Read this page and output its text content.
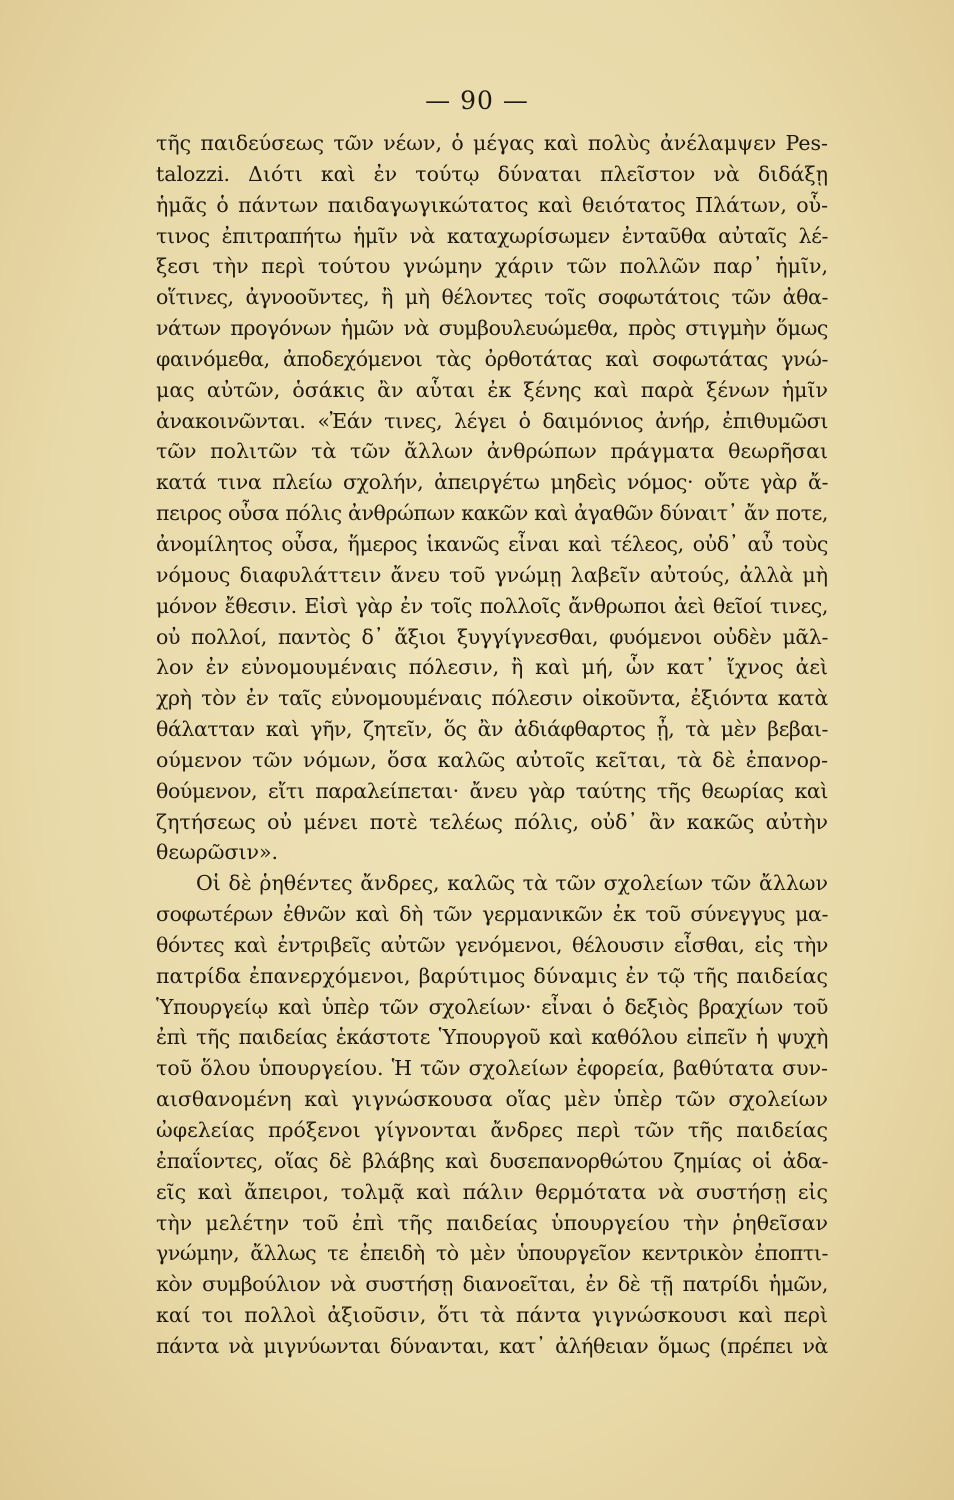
— 90 —
τῆς παιδεύσεως τῶν νέων, ὁ μέγας καὶ πολὺς ἀνέλαμψεν Pes-
talozzi. Διότι καὶ ἐν τούτῳ δύναται πλεῖστον νὰ διδάξῃ
ἡμᾶς ὁ πάντων παιδαγωγικώτατος καὶ θειότατος Πλάτων, οὗ-
τινος ἐπιτραπήτω ἡμῖν νὰ καταχωρίσωμεν ἐνταῦθα αὐταῖς λέ-
ξεσι τὴν περὶ τούτου γνώμην χάριν τῶν πολλῶν παρ᾿ ἡμῖν,
οἵτινες, ἀγνοοῦντες, ἢ μὴ θέλοντες τοῖς σοφωτάτοις τῶν ἀθα-
νάτων προγόνων ἡμῶν νὰ συμβουλευώμεθα, πρὸς στιγμὴν ὅμως
φαινόμεθα, ἀποδεχόμενοι τὰς ὀρθοτάτας καὶ σοφωτάτας γνώ-
μας αὐτῶν, ὁσάκις ἂν αὗται ἐκ ξένης καὶ παρὰ ξένων ἡμῖν
ἀνακοινῶνται. «Ἐάν τινες, λέγει ὁ δαιμόνιος ἀνήρ, ἐπιθυμῶσι
τῶν πολιτῶν τὰ τῶν ἄλλων ἀνθρώπων πράγματα θεωρῆσαι
κατά τινα πλείω σχολήν, ἀπειργέτω μηδεὶς νόμος· οὔτε γὰρ ἄ-
πειρος οὖσα πόλις ἀνθρώπων κακῶν καὶ ἀγαθῶν δύναιτ᾿ ἄν ποτε,
ἀνομίλητος οὖσα, ἥμερος ἱκανῶς εἶναι καὶ τέλεος, οὐδ᾿ αὖ τοὺς
νόμους διαφυλάττειν ἄνευ τοῦ γνώμῃ λαβεῖν αὐτούς, ἀλλὰ μὴ
μόνον ἔθεσιν. Εἰσὶ γὰρ ἐν τοῖς πολλοῖς ἄνθρωποι ἀεὶ θεῖοί τινες,
οὐ πολλοί, παντὸς δ᾿ ἄξιοι ξυγγίγνεσθαι, φυόμενοι οὐδὲν μᾶλ-
λον ἐν εὐνομουμέναις πόλεσιν, ἢ καὶ μή, ὧν κατ᾿ ἴχνος ἀεὶ
χρὴ τὸν ἐν ταῖς εὐνομουμέναις πόλεσιν οἰκοῦντα, ἐξιόντα κατὰ
θάλατταν καὶ γῆν, ζητεῖν, ὅς ἂν ἀδιάφθαρτος ᾖ, τὰ μὲν βεβαι-
ούμενον τῶν νόμων, ὅσα καλῶς αὐτοῖς κεῖται, τὰ δὲ ἐπανορ-
θούμενον, εἴτι παραλείπεται· ἄνευ γὰρ ταύτης τῆς θεωρίας καὶ
ζητήσεως οὐ μένει ποτὲ τελέως πόλις, οὐδ᾿ ἂν κακῶς αὐτὴν
θεωρῶσιν».
Οἱ δὲ ῥηθέντες ἄνδρες, καλῶς τὰ τῶν σχολείων τῶν ἄλλων
σοφωτέρων ἐθνῶν καὶ δὴ τῶν γερμανικῶν ἐκ τοῦ σύνεγγυς μα-
θόντες καὶ ἐντριβεῖς αὐτῶν γενόμενοι, θέλουσιν εἶσθαι, εἰς τὴν
πατρίδα ἐπανερχόμενοι, βαρύτιμος δύναμις ἐν τῷ τῆς παιδείας
Ὑπουργείῳ καὶ ὑπὲρ τῶν σχολείων· εἶναι ὁ δεξιὸς βραχίων τοῦ
ἐπὶ τῆς παιδείας ἑκάστοτε Ὑπουργοῦ καὶ καθόλου εἰπεῖν ἡ ψυχὴ
τοῦ ὅλου ὑπουργείου. Ἡ τῶν σχολείων ἐφορεία, βαθύτατα συν-
αισθανομένη καὶ γιγνώσκουσα οἵας μὲν ὑπὲρ τῶν σχολείων
ὠφελείας πρόξενοι γίγνονται ἄνδρες περὶ τῶν τῆς παιδείας
ἐπαΐοντες, οἵας δὲ βλάβης καὶ δυσεπανορθώτου ζημίας οἱ ἀδα-
εῖς καὶ ἄπειροι, τολμᾷ καὶ πάλιν θερμότατα νὰ συστήσῃ εἰς
τὴν μελέτην τοῦ ἐπὶ τῆς παιδείας ὑπουργείου τὴν ῥηθεῖσαν
γνώμην, ἄλλως τε ἐπειδὴ τὸ μὲν ὑπουργεῖον κεντρικὸν ἐποπτι-
κὸν συμβούλιον νὰ συστήσῃ διανοεῖται, ἐν δὲ τῇ πατρίδι ἡμῶν,
καί τοι πολλοὶ ἀξιοῦσιν, ὅτι τὰ πάντα γιγνώσκουσι καὶ περὶ
πάντα νὰ μιγνύωνται δύνανται, κατ᾿ ἀλήθειαν ὅμως (πρέπει νὰ
